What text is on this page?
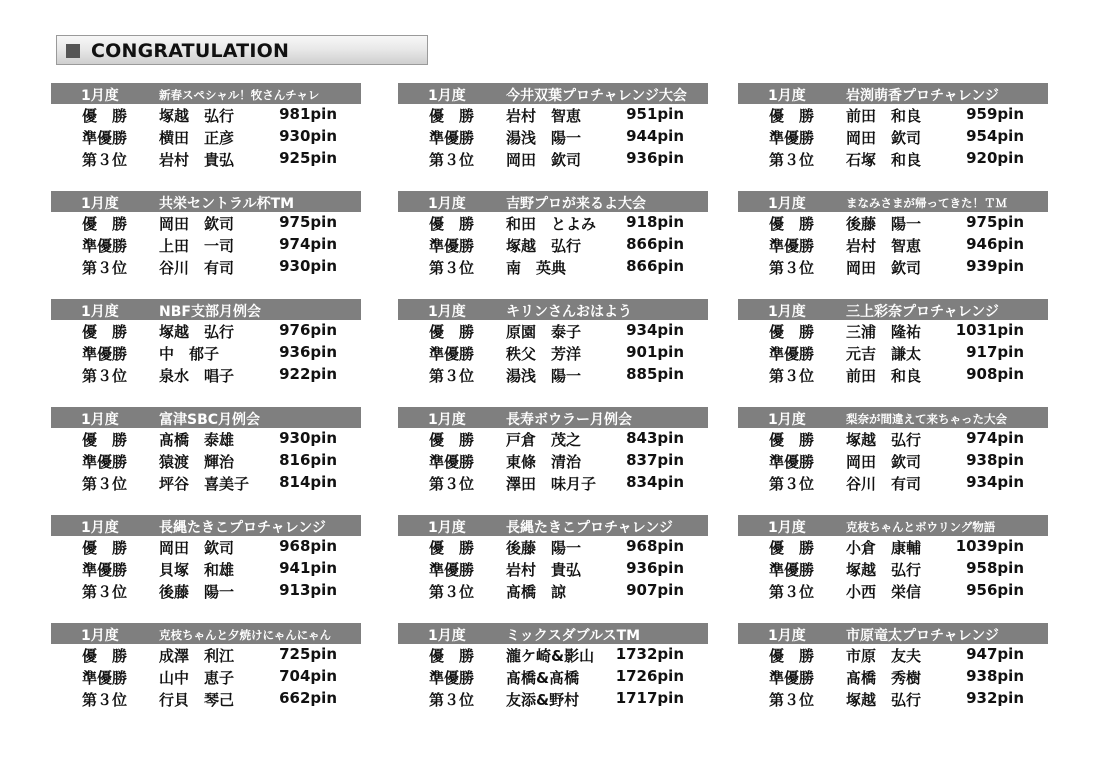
CONGRATULATION
1月度	新春スペシャル！牧さんチャレ
優　勝 塚越　弘行	981pin
準優勝 横田　正彦	930pin
第３位 岩村　貴弘	925pin
1月度	今井双葉プロチャレンジ大会
優　勝 岩村　智恵	951pin
準優勝 湯浅　陽一	944pin
第３位 岡田　欽司	936pin
1月度	岩渕萌香プロチャレンジ
優　勝 前田　和良	959pin
準優勝 岡田　欽司	954pin
第３位 石塚　和良	920pin
1月度	共栄セントラル杯TM
優　勝 岡田　欽司	975pin
準優勝 上田　一司	974pin
第３位 谷川　有司	930pin
1月度	吉野プロが来るよ大会
優　勝 和田　とよみ	918pin
準優勝 塚越　弘行	866pin
第３位 南　英典	866pin
1月度	まなみさまが帰ってきた！ＴＭ
優　勝 後藤　陽一	975pin
準優勝 岩村　智恵	946pin
第３位 岡田　欽司	939pin
1月度	NBF支部月例会
優　勝 塚越　弘行	976pin
準優勝 中　郁子	936pin
第３位 泉水　唱子	922pin
1月度	キリンさんおはよう
優　勝 原園　泰子	934pin
準優勝 秩父　芳洋	901pin
第３位 湯浅　陽一	885pin
1月度	三上彩奈プロチャレンジ
優　勝 三浦　隆祐	1031pin
準優勝 元吉　謙太	917pin
第３位 前田　和良	908pin
1月度	富津SBC月例会
優　勝 髙橋　泰雄	930pin
準優勝 猿渡　輝治	816pin
第３位 坪谷　喜美子	814pin
1月度	長寿ボウラー月例会
優　勝 戸倉　茂之	843pin
準優勝 東條　清治	837pin
第３位 澤田　味月子	834pin
1月度	梨奈が間違えて来ちゃった大会
優　勝 塚越　弘行	974pin
準優勝 岡田　欽司	938pin
第３位 谷川　有司	934pin
1月度	長縄たきこプロチャレンジ
優　勝 岡田　欽司	968pin
準優勝 貝塚　和雄	941pin
第３位 後藤　陽一	913pin
1月度	長縄たきこプロチャレンジ
優　勝 後藤　陽一	968pin
準優勝 岩村　貴弘	936pin
第３位 髙橋　諒	907pin
1月度	克枝ちゃんとボウリング物語
優　勝 小倉　康輔	1039pin
準優勝 塚越　弘行	958pin
第３位 小西　栄信	956pin
1月度	克枝ちゃんと夕焼けにゃんにゃん
優　勝 成澤　利江	725pin
準優勝 山中　恵子	704pin
第３位 行貝　琴己	662pin
1月度	ミックスダブルスTM
優　勝 瀧ケ崎&影山	1732pin
準優勝 髙橋&髙橋	1726pin
第３位 友添&野村	1717pin
1月度	市原竜太プロチャレンジ
優　勝 市原　友夫	947pin
準優勝 髙橋　秀樹	938pin
第３位 塚越　弘行	932pin
